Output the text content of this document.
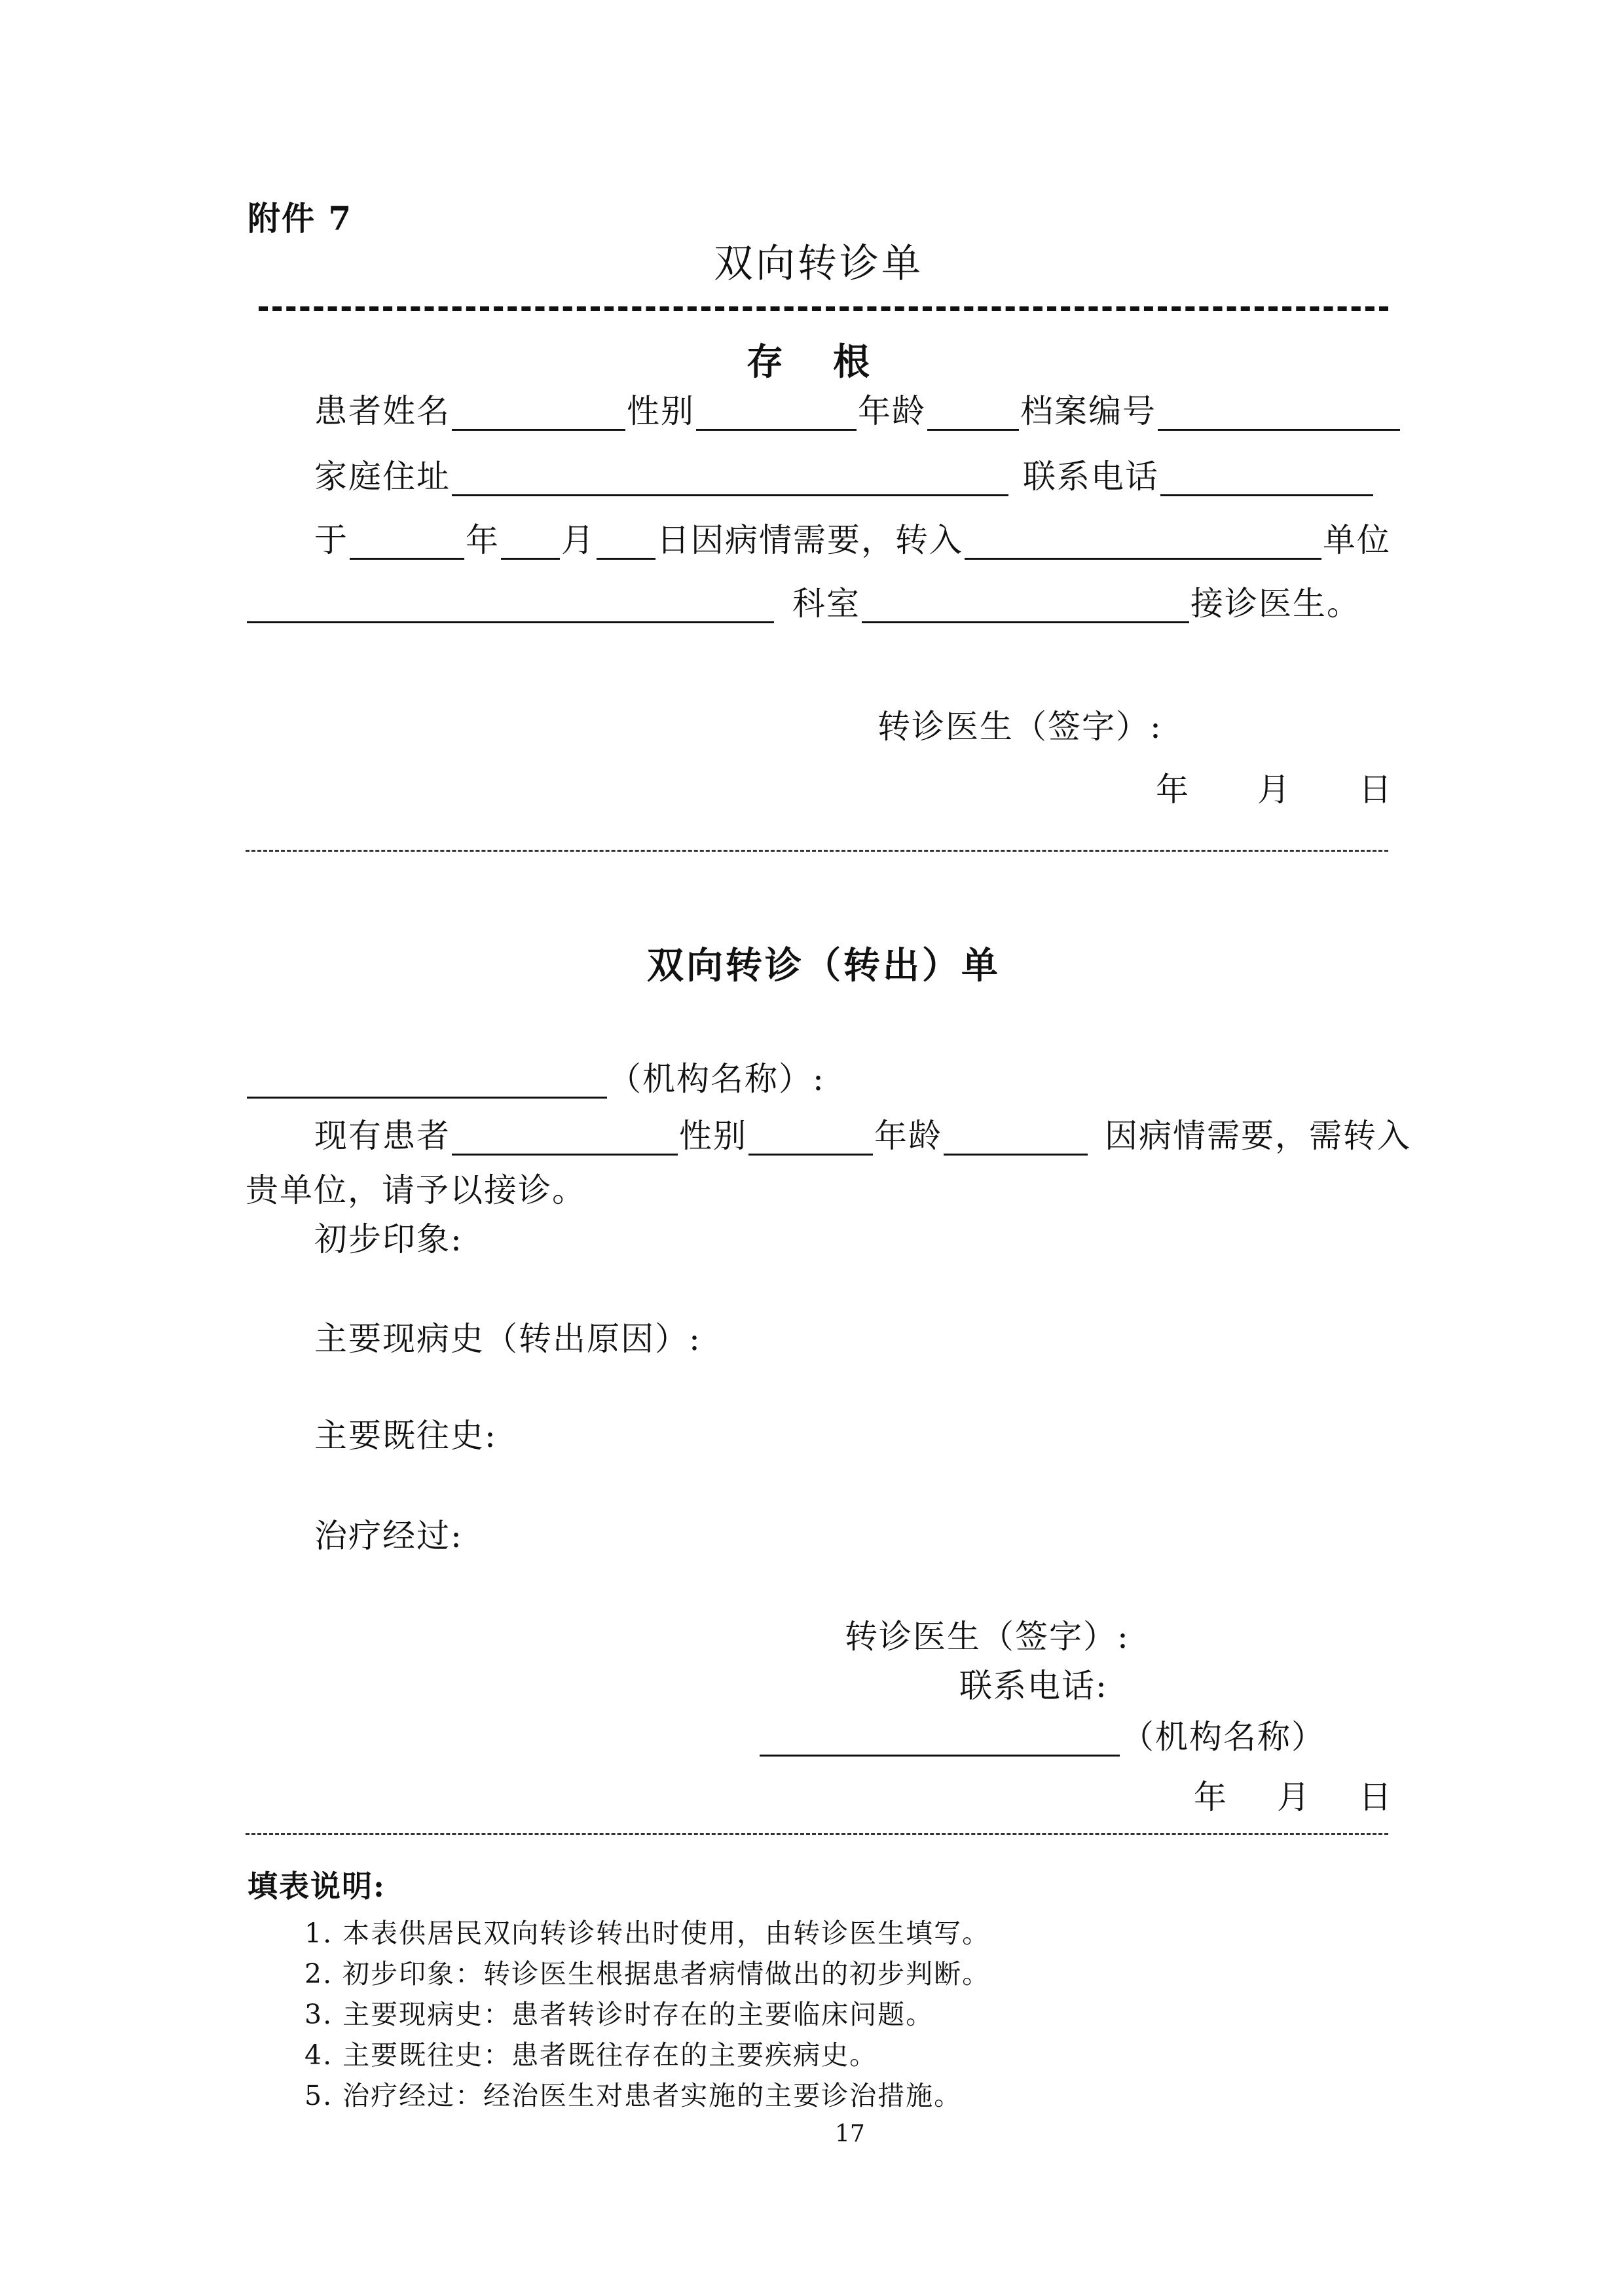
附件 7
双向转诊单
存　根
患者姓名	性别	年龄	档案编号
家庭住址	联系电话
于	年 月 日因病情需要，转入	单位
科室	接诊医生。
转诊医生（签字）:
年 月 日
双向转诊（转出）单
（机构名称）:
现有患者	性别	年龄	因病情需要，需转入
贵单位，请予以接诊。
初步印象:
主要现病史（转出原因）:
主要既往史:
治疗经过:
转诊医生（签字）:
联系电话:
（机构名称）
年 月 日
填表说明:
1. 本表供居民双向转诊转出时使用，由转诊医生填写。
2. 初步印象：转诊医生根据患者病情做出的初步判断。
3. 主要现病史：患者转诊时存在的主要临床问题。
4. 主要既往史：患者既往存在的主要疾病史。
5. 治疗经过：经治医生对患者实施的主要诊治措施。
17
